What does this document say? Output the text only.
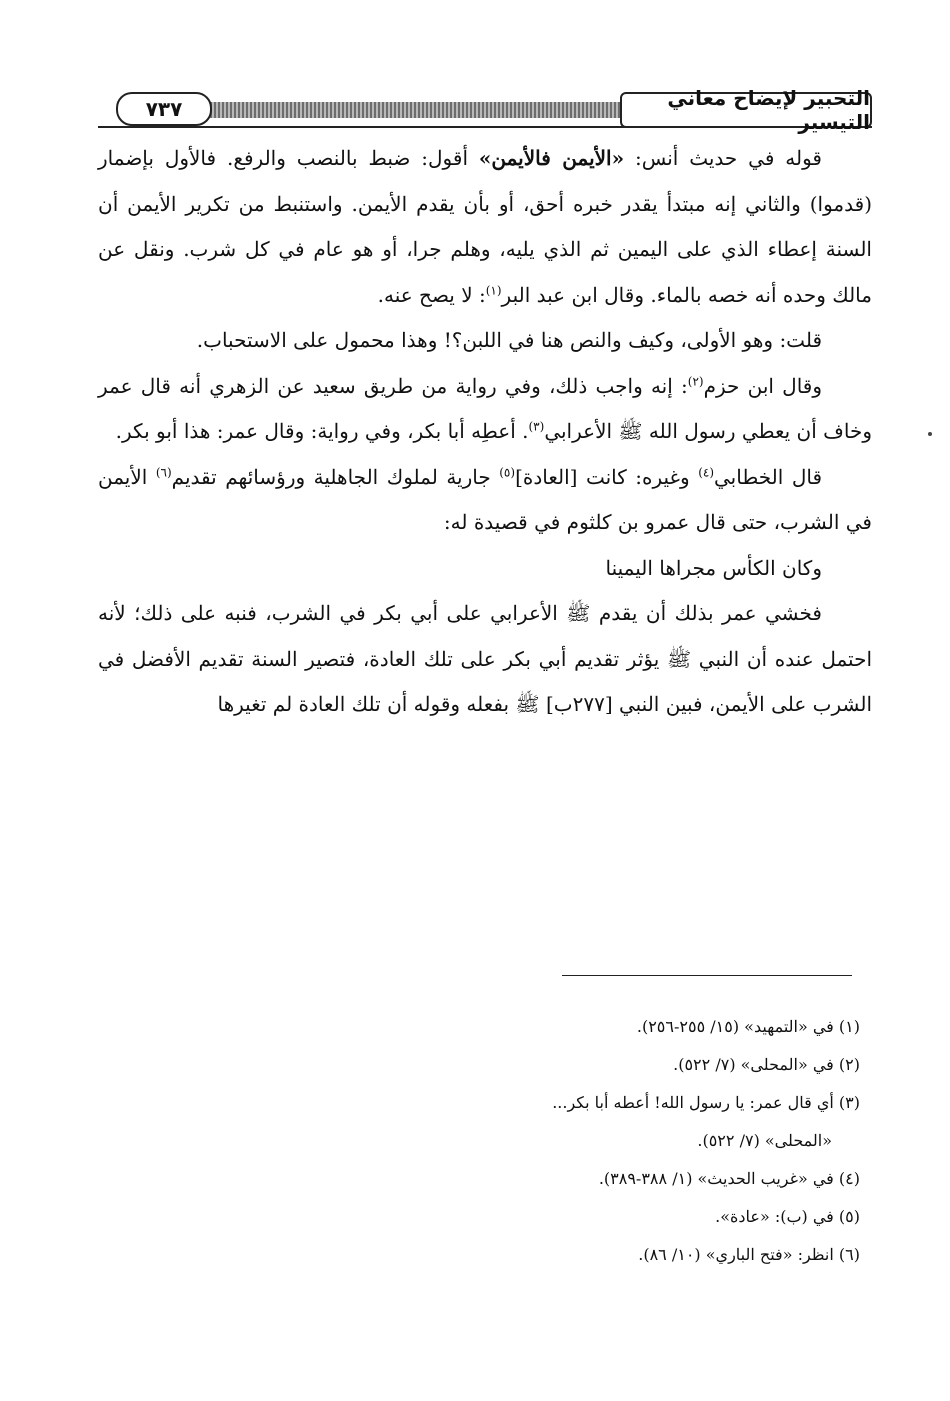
٧٣٧	التحبير لإيضاح معاني التيسير

قوله في حديث أنس: «الأيمن فالأيمن» أقول: ضبط بالنصب والرفع. فالأول بإضمار (قدموا) والثاني إنه مبتدأ يقدر خبره أحق، أو بأن يقدم الأيمن. واستنبط من تكرير الأيمن أن السنة إعطاء الذي على اليمين ثم الذي يليه، وهلم جرا، أو هو عام في كل شرب. ونقل عن مالك وحده أنه خصه بالماء. وقال ابن عبد البر$^{(١)}$: لا يصح عنه.

قلت: وهو الأولى، وكيف والنص هنا في اللبن؟! وهذا محمول على الاستحباب.

وقال ابن حزم$^{(٢)}$: إنه واجب ذلك، وفي رواية من طريق سعيد عن الزهري أنه قال عمر وخاف أن يعطي رسول الله ﷺ الأعرابي$^{(٣)}$. أعطِه أبا بكر، وفي رواية: وقال عمر: هذا أبو بكر.

قال الخطابي$^{(٤)}$ وغيره: كانت [العادة]$^{(٥)}$ جارية لملوك الجاهلية ورؤسائهم تقديم$^{(٦)}$ الأيمن في الشرب، حتى قال عمرو بن كلثوم في قصيدة له:

وكان الكأس مجراها اليمينا

فخشي عمر بذلك أن يقدم ﷺ الأعرابي على أبي بكر في الشرب، فنبه على ذلك؛ لأنه احتمل عنده أن النبي ﷺ يؤثر تقديم أبي بكر على تلك العادة، فتصير السنة تقديم الأفضل في الشرب على الأيمن، فبين النبي [٢٧٧ب] ﷺ بفعله وقوله أن تلك العادة لم تغيرها

(١) في «التمهيد» (١٥/ ٢٥٥-٢٥٦).

(٢) في «المحلى» (٧/ ٥٢٢).

(٣) أي قال عمر: يا رسول الله! أعطه أبا بكر...

«المحلى» (٧/ ٥٢٢).

(٤) في «غريب الحديث» (١/ ٣٨٨-٣٨٩).

(٥) في (ب): «عادة».

(٦) انظر: «فتح الباري» (١٠/ ٨٦).
